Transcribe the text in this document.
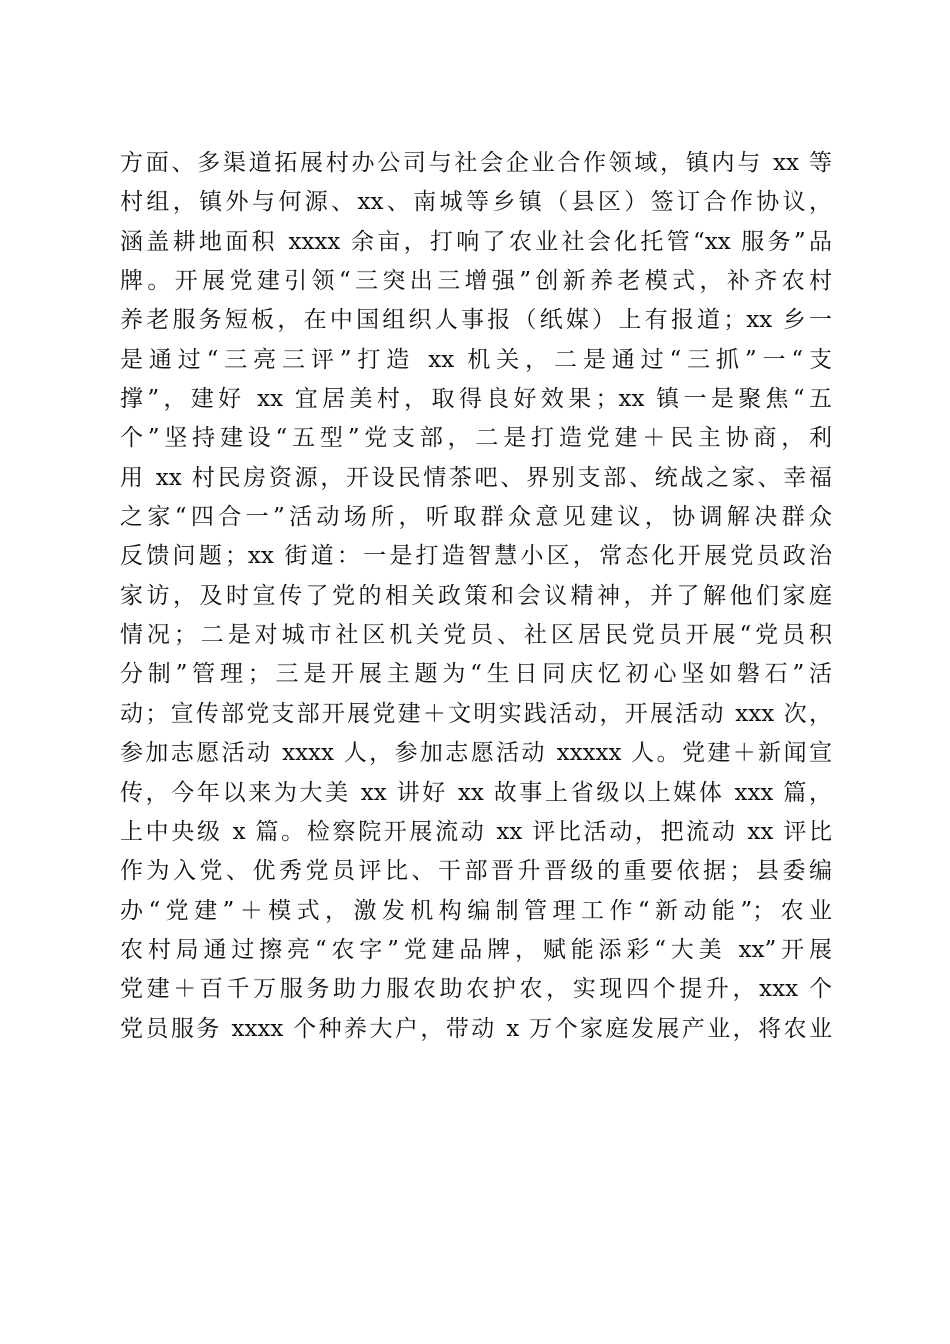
方面、多渠道拓展村办公司与社会企业合作领域，镇内与 xx 等
村组，镇外与何源、xx、南城等乡镇（县区）签订合作协议，
涵盖耕地面积 xxxx 余亩，打响了农业社会化托管“xx 服务”品
牌。开展党建引领“三突出三增强”创新养老模式，补齐农村
养老服务短板，在中国组织人事报（纸媒）上有报道；xx 乡一
是通过“三亮三评”打造 xx 机关，二是通过“三抓”一“支
撑”，建好 xx 宜居美村，取得良好效果；xx 镇一是聚焦“五
个”坚持建设“五型”党支部，二是打造党建＋民主协商，利
用 xx 村民房资源，开设民情茶吧、界别支部、统战之家、幸福
之家“四合一”活动场所，听取群众意见建议，协调解决群众
反馈问题；xx 街道：一是打造智慧小区，常态化开展党员政治
家访，及时宣传了党的相关政策和会议精神，并了解他们家庭
情况；二是对城市社区机关党员、社区居民党员开展“党员积
分制”管理；三是开展主题为“生日同庆忆初心坚如磐石”活
动；宣传部党支部开展党建＋文明实践活动，开展活动 xxx 次，
参加志愿活动 xxxx 人，参加志愿活动 xxxxx 人。党建＋新闻宣
传，今年以来为大美 xx 讲好 xx 故事上省级以上媒体 xxx 篇，
上中央级 x 篇。检察院开展流动 xx 评比活动，把流动 xx 评比
作为入党、优秀党员评比、干部晋升晋级的重要依据；县委编
办“党建”＋模式，激发机构编制管理工作“新动能”；农业
农村局通过擦亮“农字”党建品牌，赋能添彩“大美 xx”开展
党建＋百千万服务助力服农助农护农，实现四个提升，xxx 个
党员服务 xxxx 个种养大户，带动 x 万个家庭发展产业，将农业
